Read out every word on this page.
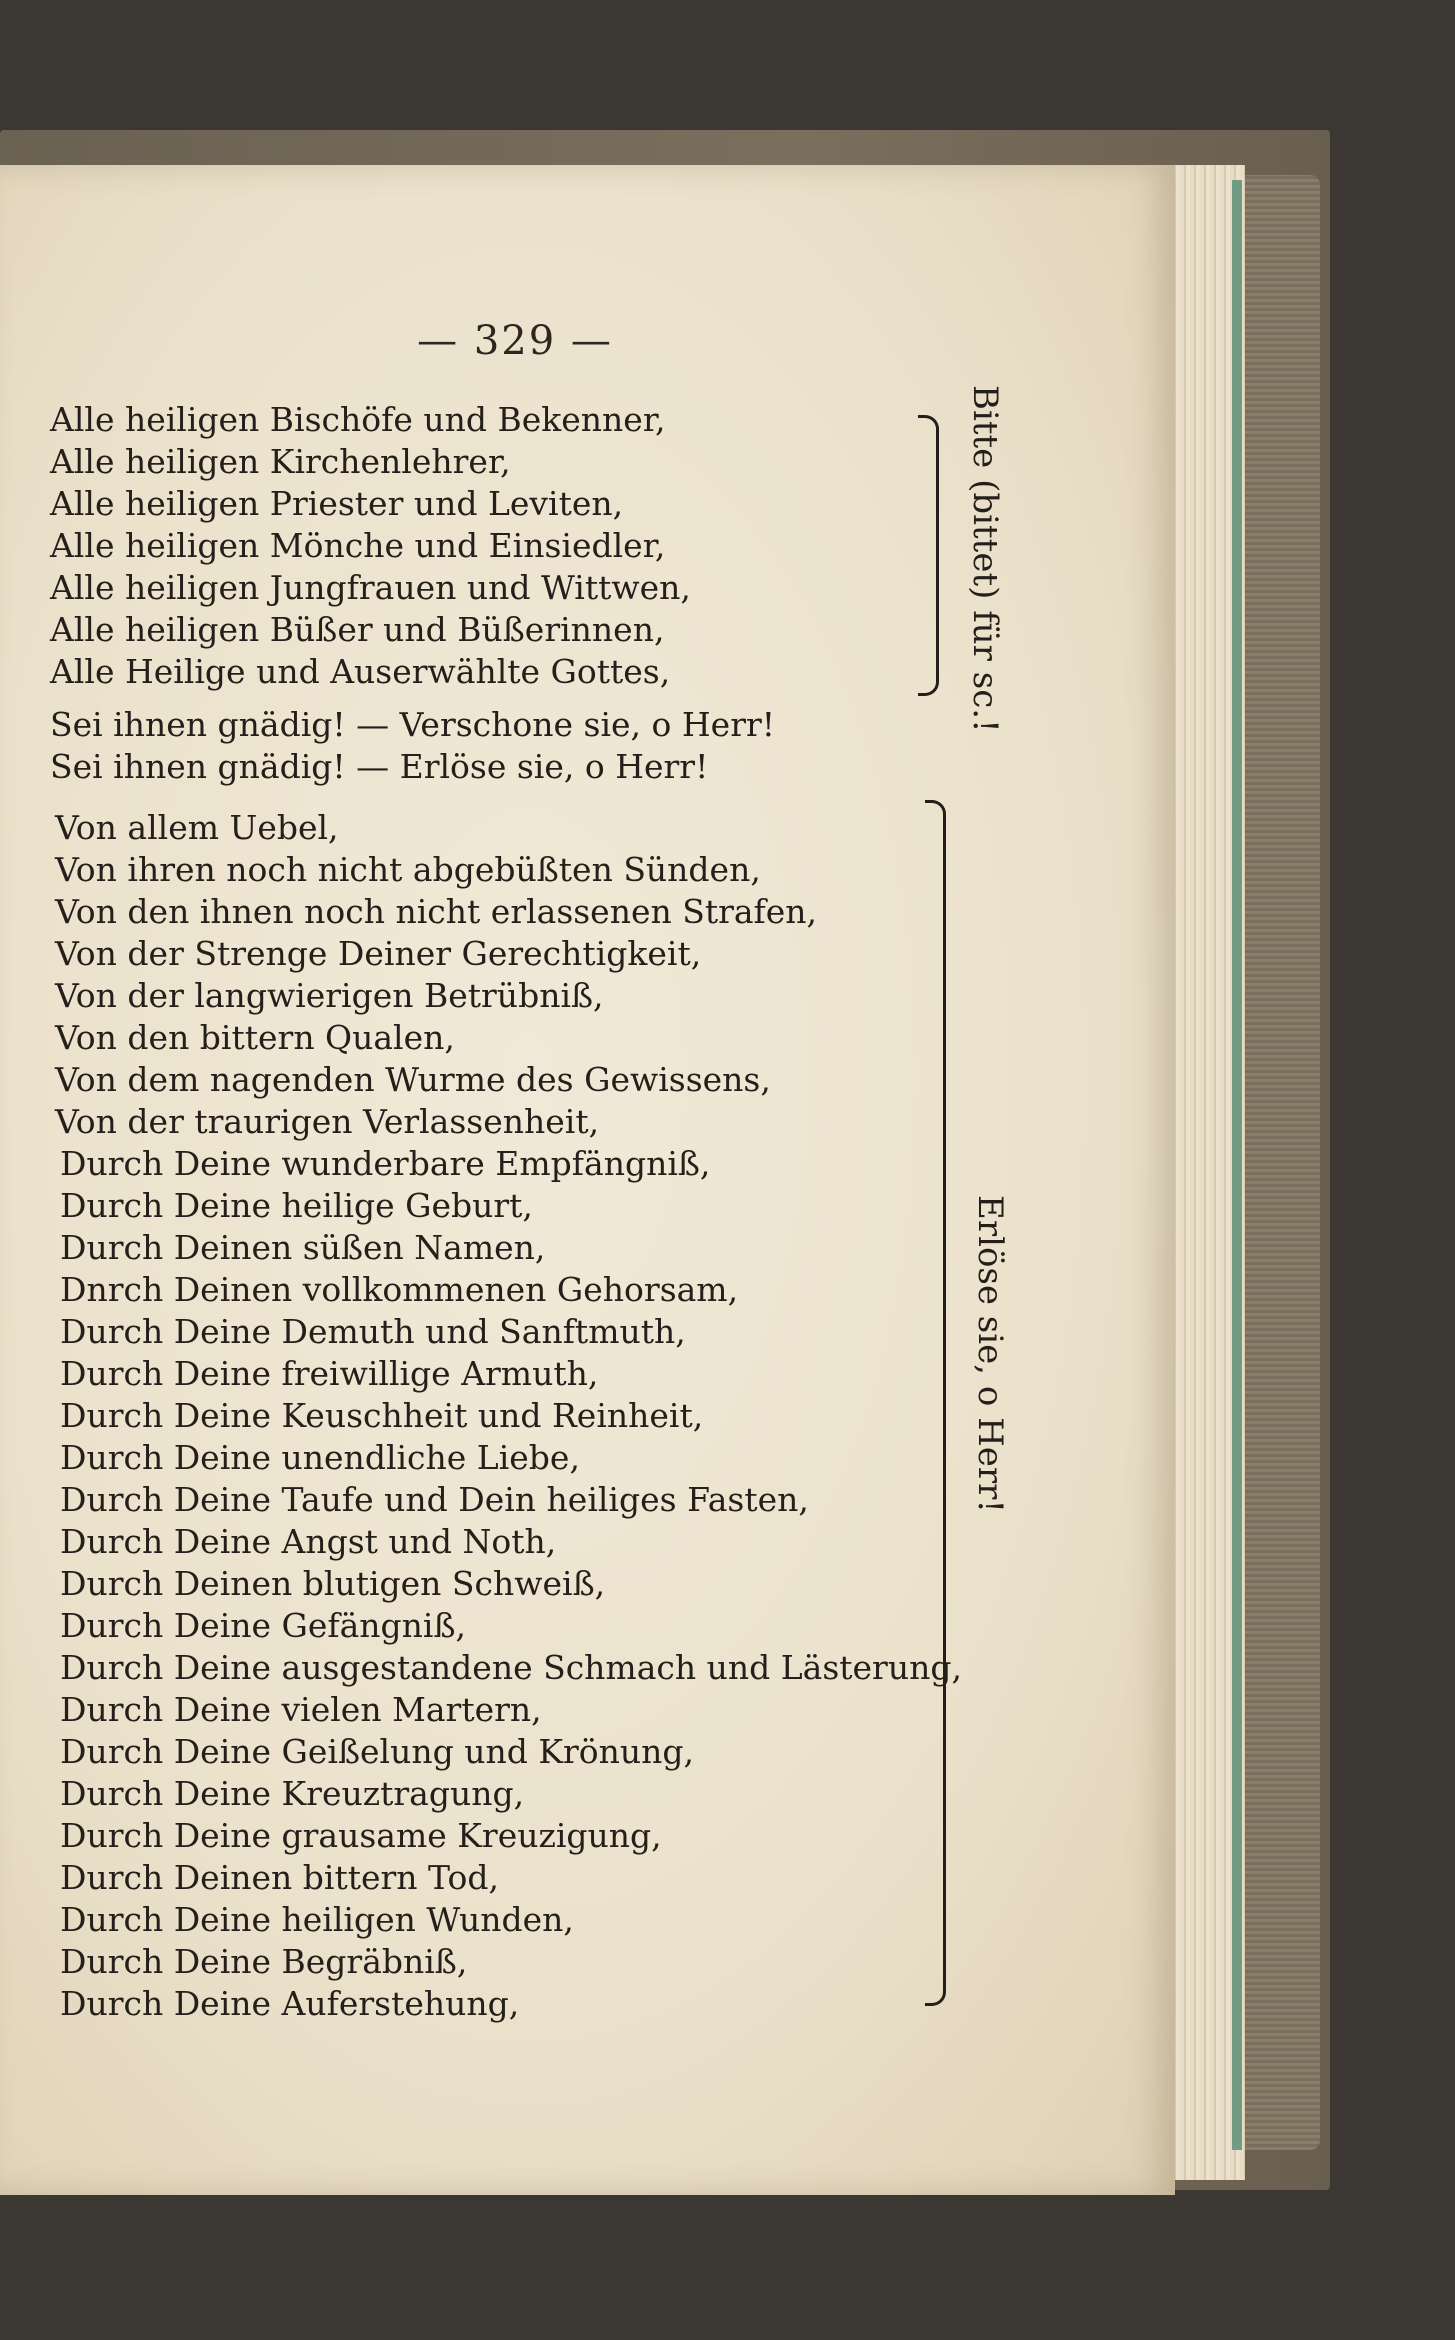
— 329 —
Alle heiligen Bischöfe und Bekenner,
Alle heiligen Kirchenlehrer,
Alle heiligen Priester und Leviten,
Alle heiligen Mönche und Einsiedler,
Alle heiligen Jungfrauen und Wittwen,
Alle heiligen Büßer und Büßerinnen,
Alle Heilige und Auserwählte Gottes,
Sei ihnen gnädig! — Verschone sie, o Herr!
Sei ihnen gnädig! — Erlöse sie, o Herr!
Von allem Uebel,
Von ihren noch nicht abgebüßten Sünden,
Von den ihnen noch nicht erlassenen Strafen,
Von der Strenge Deiner Gerechtigkeit,
Von der langwierigen Betrübniß,
Von den bittern Qualen,
Von dem nagenden Wurme des Gewissens,
Von der traurigen Verlassenheit,
Durch Deine wunderbare Empfängniß,
Durch Deine heilige Geburt,
Durch Deinen süßen Namen,
Dnrch Deinen vollkommenen Gehorsam,
Durch Deine Demuth und Sanftmuth,
Durch Deine freiwillige Armuth,
Durch Deine Keuschheit und Reinheit,
Durch Deine unendliche Liebe,
Durch Deine Taufe und Dein heiliges Fasten,
Durch Deine Angst und Noth,
Durch Deinen blutigen Schweiß,
Durch Deine Gefängniß,
Durch Deine ausgestandene Schmach und Lästerung,
Durch Deine vielen Martern,
Durch Deine Geißelung und Krönung,
Durch Deine Kreuztragung,
Durch Deine grausame Kreuzigung,
Durch Deinen bittern Tod,
Durch Deine heiligen Wunden,
Durch Deine Begräbniß,
Durch Deine Auferstehung,
Bitte (bittet) für sc.!
Erlöse sie, o Herr!
